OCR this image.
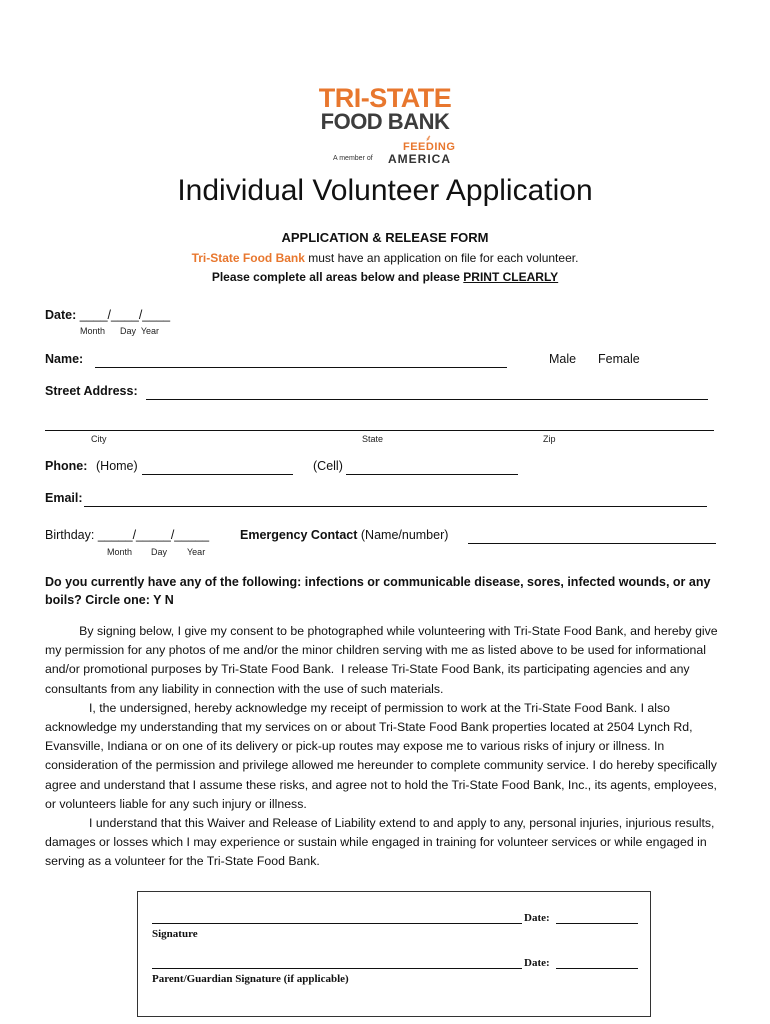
TRI-STATE
FOOD BANK
⸙
A member of
FEEDING
AMERICA
Individual Volunteer Application
APPLICATION & RELEASE FORM
Tri-State Food Bank must have an application on file for each volunteer.
Please complete all areas below and please PRINT CLEARLY
Date: ____/____/____
Month      Day  Year
Name:	Male Female
Street Address:
City	State	Zip
Phone: (Home)	(Cell)
Email:
Birthday: _____/_____/_____
Month Day Year
Emergency Contact (Name/number)
Do you currently have any of the following: infections or communicable disease, sores, infected wounds, or any boils? Circle one: Y N

By signing below, I give my consent to be photographed while volunteering with Tri-State Food Bank, and hereby give my permission for any photos of me and/or the minor children serving with me as listed above to be used for informational and/or promotional purposes by Tri-State Food Bank.  I release Tri-State Food Bank, its participating agencies and any consultants from any liability in connection with the use of such materials.

I, the undersigned, hereby acknowledge my receipt of permission to work at the Tri-State Food Bank. I also acknowledge my understanding that my services on or about Tri-State Food Bank properties located at 2504 Lynch Rd, Evansville, Indiana or on one of its delivery or pick-up routes may expose me to various risks of injury or illness. In consideration of the permission and privilege allowed me hereunder to complete community service. I do hereby specifically agree and understand that I assume these risks, and agree not to hold the Tri-State Food Bank, Inc., its agents, employees, or volunteers liable for any such injury or illness.

I understand that this Waiver and Release of Liability extend to and apply to any, personal injuries, injurious results, damages or losses which I may experience or sustain while engaged in training for volunteer services or while engaged in serving as a volunteer for the Tri-State Food Bank.

Date:
Signature
Date:
Parent/Guardian Signature (if applicable)
